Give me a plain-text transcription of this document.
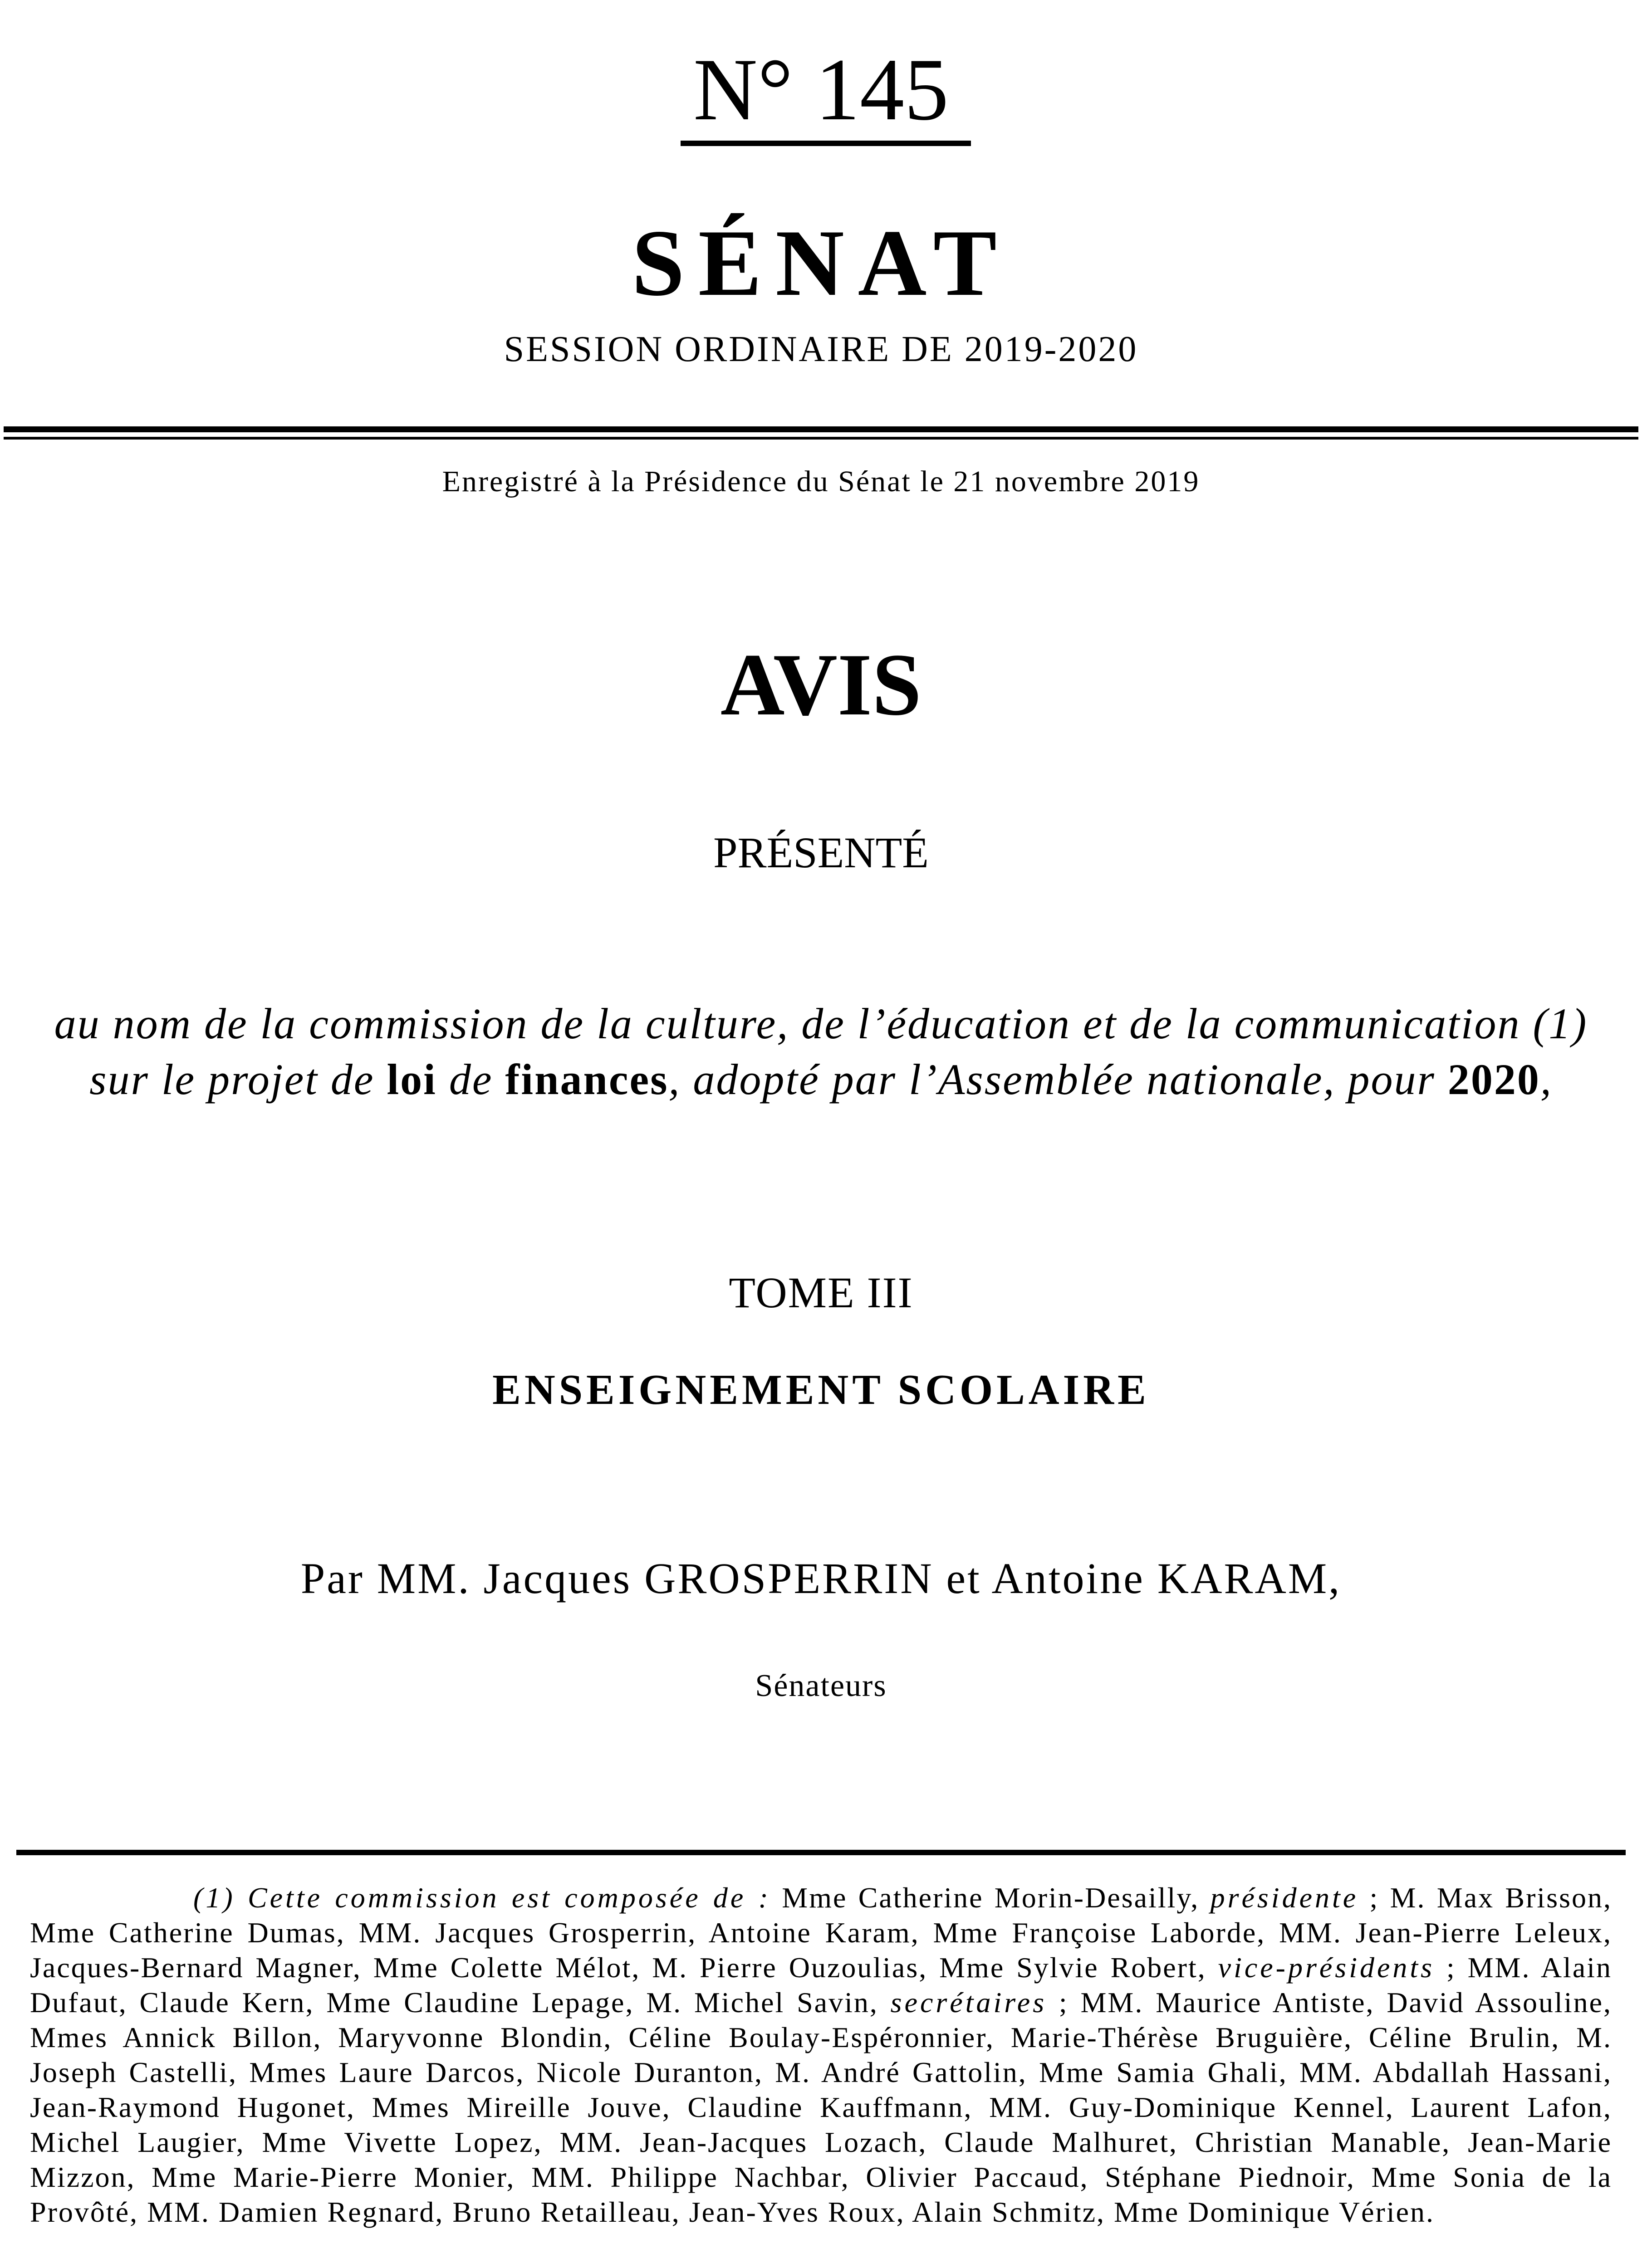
N° 145
SÉNAT
SESSION ORDINAIRE DE 2019-2020
Enregistré à la Présidence du Sénat le 21 novembre 2019
AVIS
PRÉSENTÉ
au nom de la commission de la culture, de l’éducation et de la communication (1) sur le projet de loi de finances, adopté par l’Assemblée nationale, pour 2020,
TOME III
ENSEIGNEMENT SCOLAIRE
Par MM. Jacques GROSPERRIN et Antoine KARAM,
Sénateurs
(1) Cette commission est composée de : Mme Catherine Morin-Desailly, présidente ; M. Max Brisson, Mme Catherine Dumas, MM. Jacques Grosperrin, Antoine Karam, Mme Françoise Laborde, MM. Jean-Pierre Leleux, Jacques-Bernard Magner, Mme Colette Mélot, M. Pierre Ouzoulias, Mme Sylvie Robert, vice-présidents ; MM. Alain Dufaut, Claude Kern, Mme Claudine Lepage, M. Michel Savin, secrétaires ; MM. Maurice Antiste, David Assouline, Mmes Annick Billon, Maryvonne Blondin, Céline Boulay-Espéronnier, Marie-Thérèse Bruguière, Céline Brulin, M. Joseph Castelli, Mmes Laure Darcos, Nicole Duranton, M. André Gattolin, Mme Samia Ghali, MM. Abdallah Hassani, Jean-Raymond Hugonet, Mmes Mireille Jouve, Claudine Kauffmann, MM. Guy-Dominique Kennel, Laurent Lafon, Michel Laugier, Mme Vivette Lopez, MM. Jean-Jacques Lozach, Claude Malhuret, Christian Manable, Jean-Marie Mizzon, Mme Marie-Pierre Monier, MM. Philippe Nachbar, Olivier Paccaud, Stéphane Piednoir, Mme Sonia de la Provôté, MM. Damien Regnard, Bruno Retailleau, Jean-Yves Roux, Alain Schmitz, Mme Dominique Vérien.
